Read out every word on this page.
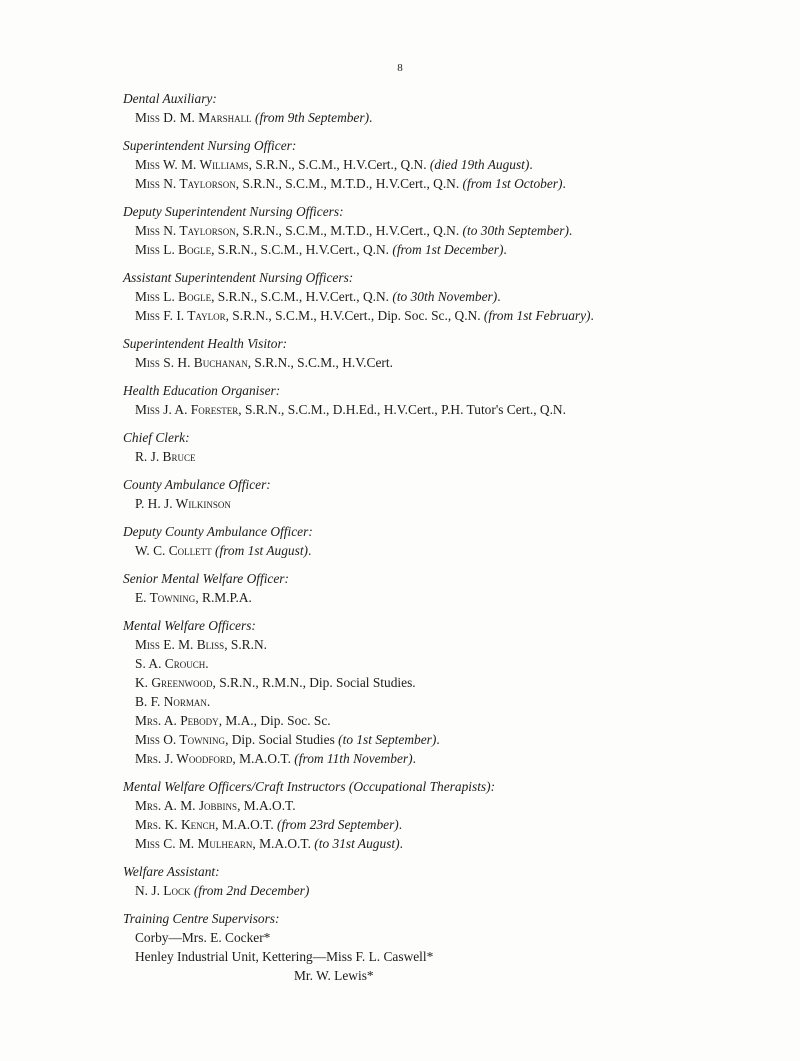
8
Dental Auxiliary:
Miss D. M. Marshall (from 9th September).
Superintendent Nursing Officer:
Miss W. M. Williams, S.R.N., S.C.M., H.V.Cert., Q.N. (died 19th August).
Miss N. Taylorson, S.R.N., S.C.M., M.T.D., H.V.Cert., Q.N. (from 1st October).
Deputy Superintendent Nursing Officers:
Miss N. Taylorson, S.R.N., S.C.M., M.T.D., H.V.Cert., Q.N. (to 30th September).
Miss L. Bogle, S.R.N., S.C.M., H.V.Cert., Q.N. (from 1st December).
Assistant Superintendent Nursing Officers:
Miss L. Bogle, S.R.N., S.C.M., H.V.Cert., Q.N. (to 30th November).
Miss F. I. Taylor, S.R.N., S.C.M., H.V.Cert., Dip. Soc. Sc., Q.N. (from 1st February).
Superintendent Health Visitor:
Miss S. H. Buchanan, S.R.N., S.C.M., H.V.Cert.
Health Education Organiser:
Miss J. A. Forester, S.R.N., S.C.M., D.H.Ed., H.V.Cert., P.H. Tutor's Cert., Q.N.
Chief Clerk:
R. J. Bruce
County Ambulance Officer:
P. H. J. Wilkinson
Deputy County Ambulance Officer:
W. C. Collett (from 1st August).
Senior Mental Welfare Officer:
E. Towning, R.M.P.A.
Mental Welfare Officers:
Miss E. M. Bliss, S.R.N.
S. A. Crouch.
K. Greenwood, S.R.N., R.M.N., Dip. Social Studies.
B. F. Norman.
Mrs. A. Pebody, M.A., Dip. Soc. Sc.
Miss O. Towning, Dip. Social Studies (to 1st September).
Mrs. J. Woodford, M.A.O.T. (from 11th November).
Mental Welfare Officers/Craft Instructors (Occupational Therapists):
Mrs. A. M. Jobbins, M.A.O.T.
Mrs. K. Kench, M.A.O.T. (from 23rd September).
Miss C. M. Mulhearn, M.A.O.T. (to 31st August).
Welfare Assistant:
N. J. Lock (from 2nd December)
Training Centre Supervisors:
Corby—Mrs. E. Cocker*
Henley Industrial Unit, Kettering—Miss F. L. Caswell*
Mr. W. Lewis*
